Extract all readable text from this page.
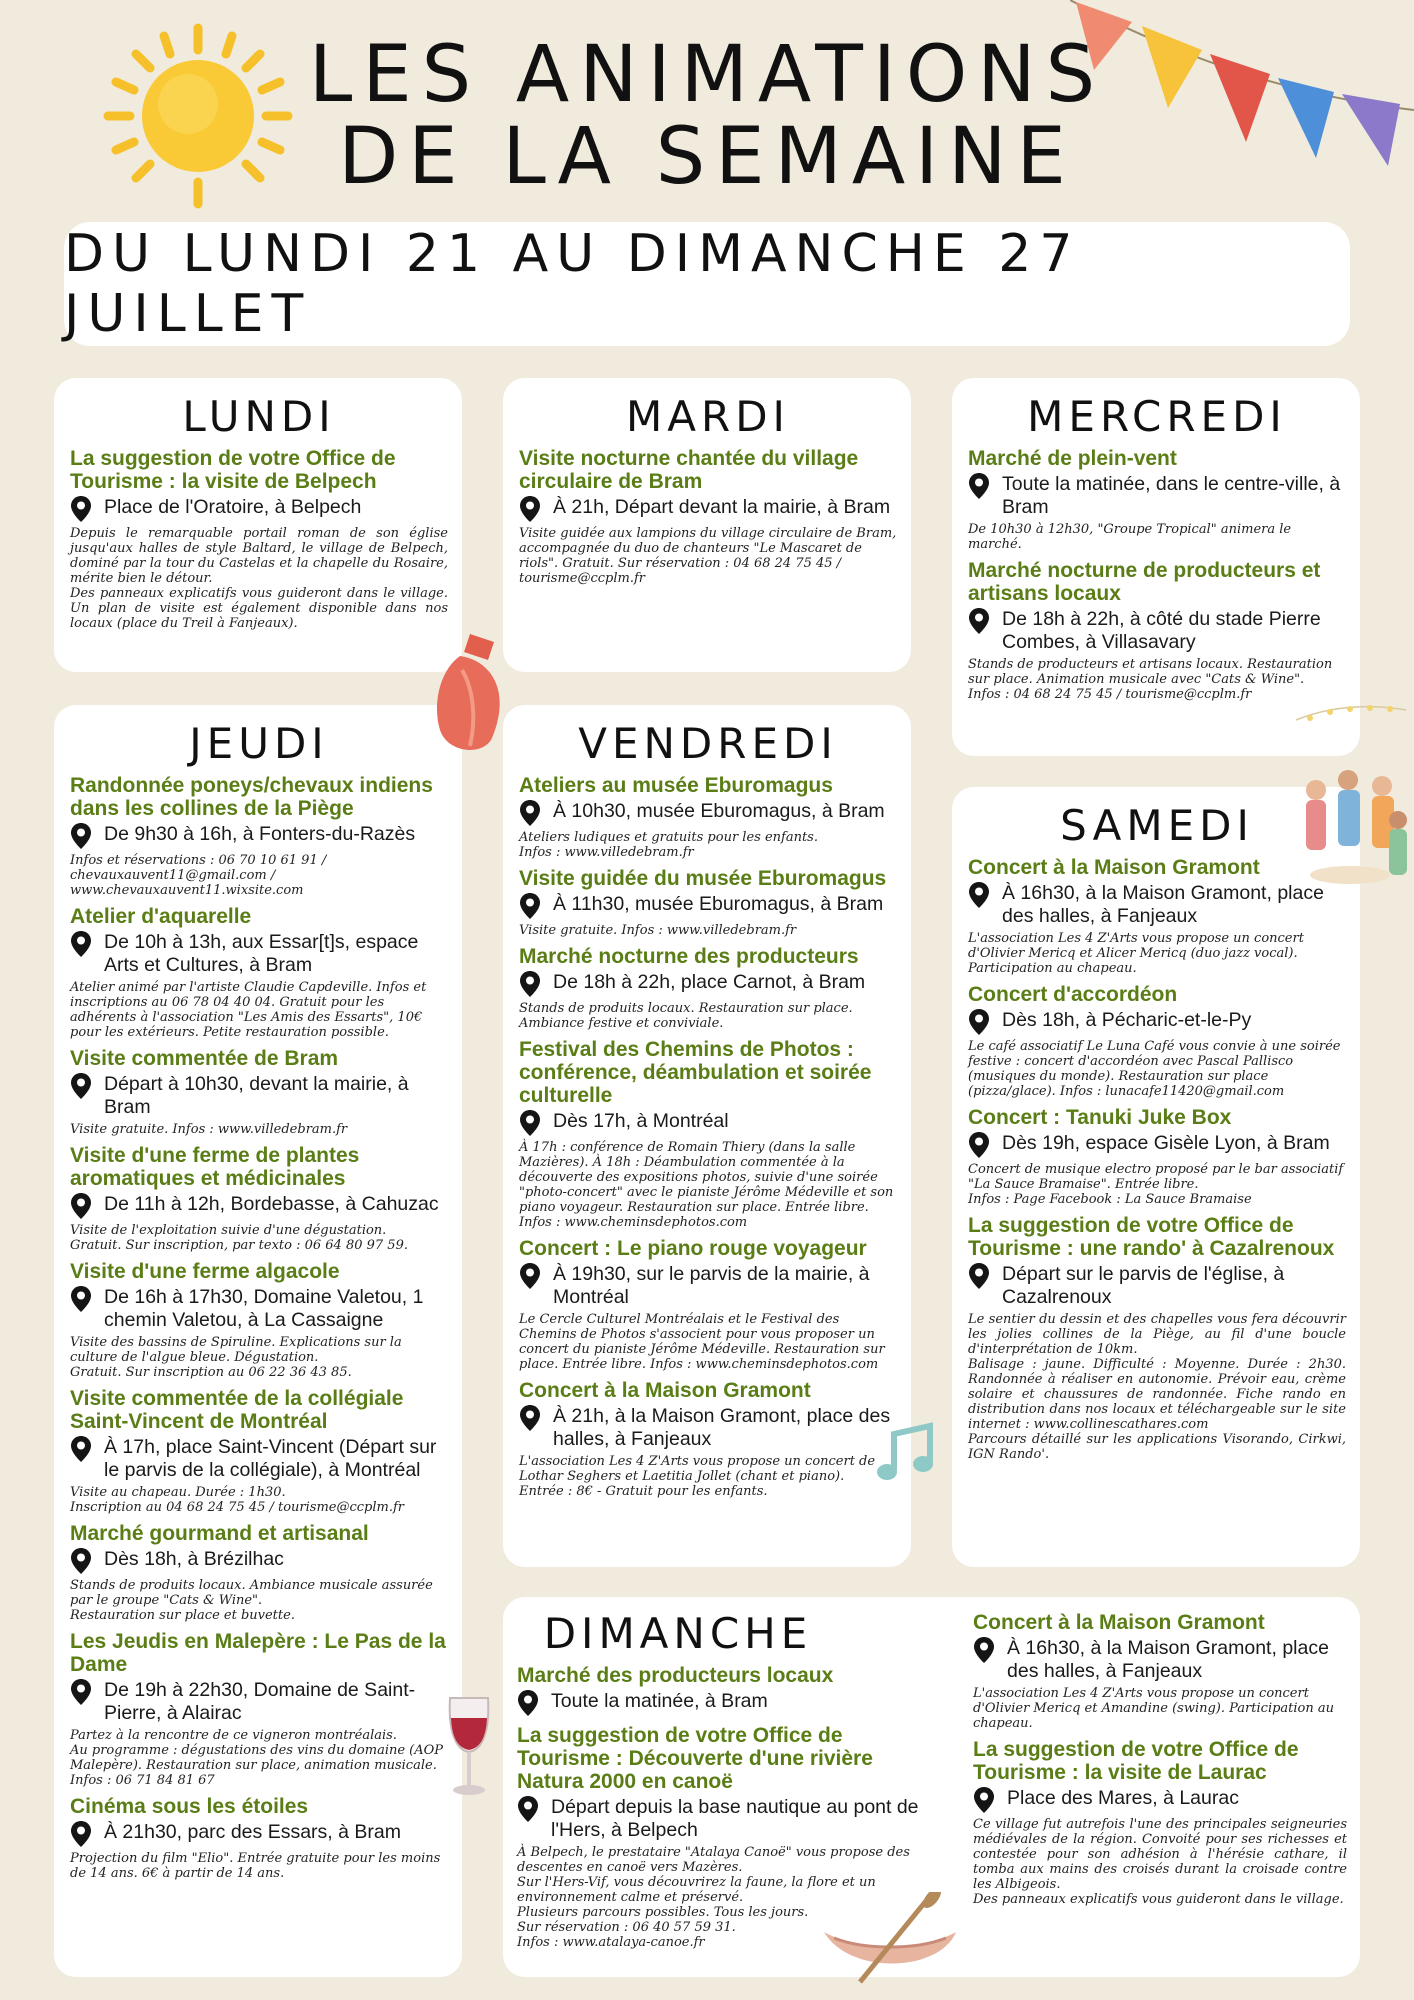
LES ANIMATIONS
DE LA SEMAINE
DU LUNDI 21 AU DIMANCHE 27 JUILLET
LUNDI
La suggestion de votre Office de Tourisme : la visite de Belpech
Place de l'Oratoire, à Belpech

Depuis le remarquable portail roman de son église jusqu'aux halles de style Baltard, le village de Belpech, dominé par la tour du Castelas et la chapelle du Rosaire, mérite bien le détour.
Des panneaux explicatifs vous guideront dans le village. Un plan de visite est également disponible dans nos locaux (place du Treil à Fanjeaux).

MARDI
Visite nocturne chantée du village circulaire de Bram
À 21h, Départ devant la mairie, à Bram

Visite guidée aux lampions du village circulaire de Bram, accompagnée du duo de chanteurs "Le Mascaret de riols". Gratuit. Sur réservation : 04 68 24 75 45 / tourisme@ccplm.fr

MERCREDI
Marché de plein-vent
Toute la matinée, dans le centre-ville, à Bram

De 10h30 à 12h30, "Groupe Tropical" animera le marché.

Marché nocturne de producteurs et artisans locaux
De 18h à 22h, à côté du stade Pierre Combes, à Villasavary

Stands de producteurs et artisans locaux. Restauration sur place. Animation musicale avec "Cats & Wine".
Infos : 04 68 24 75 45 / tourisme@ccplm.fr

JEUDI
Randonnée poneys/chevaux indiens dans les collines de la Piège
De 9h30 à 16h, à Fonters-du-Razès

Infos et réservations : 06 70 10 61 91 / chevauxauvent11@gmail.com / www.chevauxauvent11.wixsite.com

Atelier d'aquarelle
De 10h à 13h, aux Essar[t]s, espace Arts et Cultures, à Bram

Atelier animé par l'artiste Claudie Capdeville. Infos et inscriptions au 06 78 04 40 04. Gratuit pour les adhérents à l'association "Les Amis des Essarts", 10€ pour les extérieurs. Petite restauration possible.

Visite commentée de Bram
Départ à 10h30, devant la mairie, à Bram

Visite gratuite. Infos : www.villedebram.fr

Visite d'une ferme de plantes aromatiques et médicinales
De 11h à 12h, Bordebasse, à Cahuzac

Visite de l'exploitation suivie d'une dégustation.
Gratuit. Sur inscription, par texto : 06 64 80 97 59.

Visite d'une ferme algacole
De 16h à 17h30, Domaine Valetou, 1 chemin Valetou, à La Cassaigne

Visite des bassins de Spiruline. Explications sur la culture de l'algue bleue. Dégustation.
Gratuit. Sur inscription au 06 22 36 43 85.

Visite commentée de la collégiale Saint-Vincent de Montréal
À 17h, place Saint-Vincent (Départ sur le parvis de la collégiale), à Montréal

Visite au chapeau. Durée : 1h30.
Inscription au 04 68 24 75 45 / tourisme@ccplm.fr

Marché gourmand et artisanal
Dès 18h, à Brézilhac

Stands de produits locaux. Ambiance musicale assurée par le groupe "Cats & Wine".
Restauration sur place et buvette.

Les Jeudis en Malepère : Le Pas de la Dame
De 19h à 22h30, Domaine de Saint-Pierre, à Alairac

Partez à la rencontre de ce vigneron montréalais.
Au programme : dégustations des vins du domaine (AOP Malepère). Restauration sur place, animation musicale.
Infos : 06 71 84 81 67

Cinéma sous les étoiles
À 21h30, parc des Essars, à Bram

Projection du film "Elio". Entrée gratuite pour les moins de 14 ans. 6€ à partir de 14 ans.

VENDREDI
Ateliers au musée Eburomagus
À 10h30, musée Eburomagus, à Bram

Ateliers ludiques et gratuits pour les enfants.
Infos : www.villedebram.fr

Visite guidée du musée Eburomagus
À 11h30, musée Eburomagus, à Bram

Visite gratuite. Infos : www.villedebram.fr

Marché nocturne des producteurs
De 18h à 22h, place Carnot, à Bram

Stands de produits locaux. Restauration sur place. Ambiance festive et conviviale.

Festival des Chemins de Photos : conférence, déambulation et soirée culturelle
Dès 17h, à Montréal

À 17h : conférence de Romain Thiery (dans la salle Mazières). À 18h : Déambulation commentée à la découverte des expositions photos, suivie d'une soirée "photo-concert" avec le pianiste Jérôme Médeville et son piano voyageur. Restauration sur place. Entrée libre. Infos : www.cheminsdephotos.com

Concert : Le piano rouge voyageur
À 19h30, sur le parvis de la mairie, à Montréal

Le Cercle Culturel Montréalais et le Festival des Chemins de Photos s'associent pour vous proposer un concert du pianiste Jérôme Médeville. Restauration sur place. Entrée libre. Infos : www.cheminsdephotos.com

Concert à la Maison Gramont
À 21h, à la Maison Gramont, place des halles, à Fanjeaux

L'association Les 4 Z'Arts vous propose un concert de Lothar Seghers et Laetitia Jollet (chant et piano).
Entrée : 8€ - Gratuit pour les enfants.

SAMEDI
Concert à la Maison Gramont
À 16h30, à la Maison Gramont, place des halles, à Fanjeaux

L'association Les 4 Z'Arts vous propose un concert d'Olivier Mericq et Alicer Mericq (duo jazz vocal). Participation au chapeau.

Concert d'accordéon
Dès 18h, à Pécharic-et-le-Py

Le café associatif Le Luna Café vous convie à une soirée festive : concert d'accordéon avec Pascal Pallisco (musiques du monde). Restauration sur place (pizza/glace). Infos : lunacafe11420@gmail.com

Concert : Tanuki Juke Box
Dès 19h, espace Gisèle Lyon, à Bram

Concert de musique electro proposé par le bar associatif "La Sauce Bramaise". Entrée libre.
Infos : Page Facebook : La Sauce Bramaise

La suggestion de votre Office de Tourisme : une rando' à Cazalrenoux
Départ sur le parvis de l'église, à Cazalrenoux

Le sentier du dessin et des chapelles vous fera découvrir les jolies collines de la Piège, au fil d'une boucle d'interprétation de 10km.
Balisage : jaune. Difficulté : Moyenne. Durée : 2h30. Randonnée à réaliser en autonomie. Prévoir eau, crème solaire et chaussures de randonnée. Fiche rando en distribution dans nos locaux et téléchargeable sur le site internet : www.collinescathares.com
Parcours détaillé sur les applications Visorando, Cirkwi, IGN Rando'.

DIMANCHE
Marché des producteurs locaux
Toute la matinée, à Bram
La suggestion de votre Office de Tourisme : Découverte d'une rivière Natura 2000 en canoë
Départ depuis la base nautique au pont de l'Hers, à Belpech

À Belpech, le prestataire "Atalaya Canoë" vous propose des descentes en canoë vers Mazères.
Sur l'Hers-Vif, vous découvrirez la faune, la flore et un environnement calme et préservé.
Plusieurs parcours possibles. Tous les jours.
Sur réservation : 06 40 57 59 31.
Infos : www.atalaya-canoe.fr

Concert à la Maison Gramont
À 16h30, à la Maison Gramont, place des halles, à Fanjeaux

L'association Les 4 Z'Arts vous propose un concert d'Olivier Mericq et Amandine (swing). Participation au chapeau.

La suggestion de votre Office de Tourisme : la visite de Laurac
Place des Mares, à Laurac

Ce village fut autrefois l'une des principales seigneuries médiévales de la région. Convoité pour ses richesses et contestée pour son adhésion à l'hérésie cathare, il tomba aux mains des croisés durant la croisade contre les Albigeois.
Des panneaux explicatifs vous guideront dans le village.
